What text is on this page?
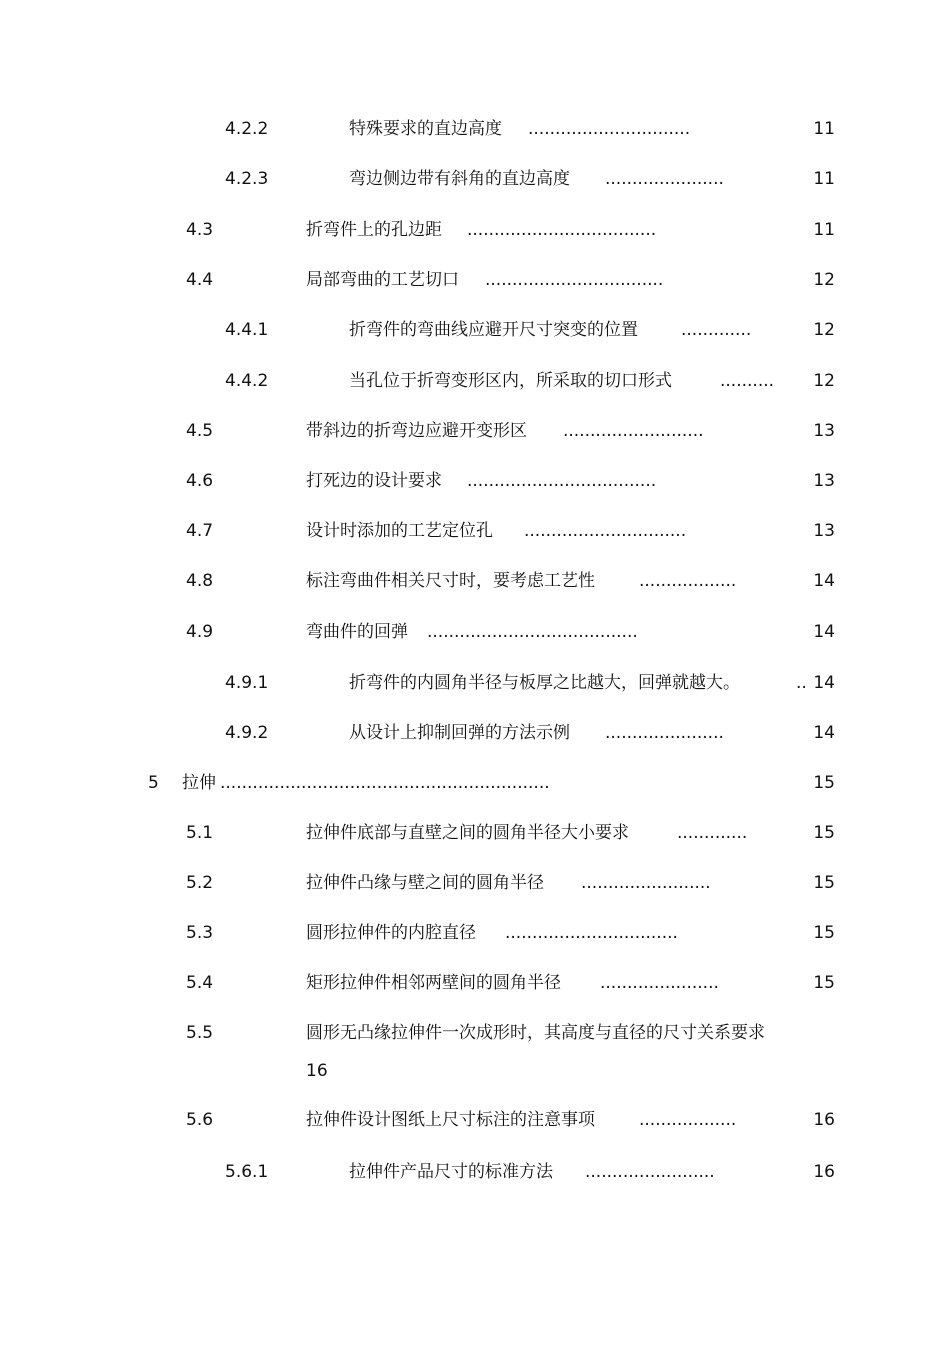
4.2.2	特殊要求的直边高度 ..............................	11
4.2.3	弯边侧边带有斜角的直边高度 ......................	11
4.3	折弯件上的孔边距 ...................................	11
4.4	局部弯曲的工艺切口 .................................	12
4.4.1	折弯件的弯曲线应避开尺寸突变的位置	.............	12
4.4.2	当孔位于折弯变形区内，所采取的切口形式	.......... 12
4.5	带斜边的折弯边应避开变形区 ..........................	13
4.6	打死边的设计要求 ...................................	13
4.7	设计时添加的工艺定位孔 ..............................	13
4.8	标注弯曲件相关尺寸时，要考虑工艺性	..................	14
4.9	弯曲件的回弹 .......................................	14
4.9.1	折弯件的内圆角半径与板厚之比越大，回弹就越大。	.. 14
4.9.2	从设计上抑制回弹的方法示例 ......................	14
5 拉伸 .............................................................	15
5.1	拉伸件底部与直壁之间的圆角半径大小要求	.............	15
5.2	拉伸件凸缘与壁之间的圆角半径 ........................	15
5.3	圆形拉伸件的内腔直径 ................................	15
5.4	矩形拉伸件相邻两壁间的圆角半径 ......................	15
5.5	圆形无凸缘拉伸件一次成形时，其高度与直径的尺寸关系要求
16
5.6	拉伸件设计图纸上尺寸标注的注意事项	..................	16
5.6.1	拉伸件产品尺寸的标准方法 ........................	16
